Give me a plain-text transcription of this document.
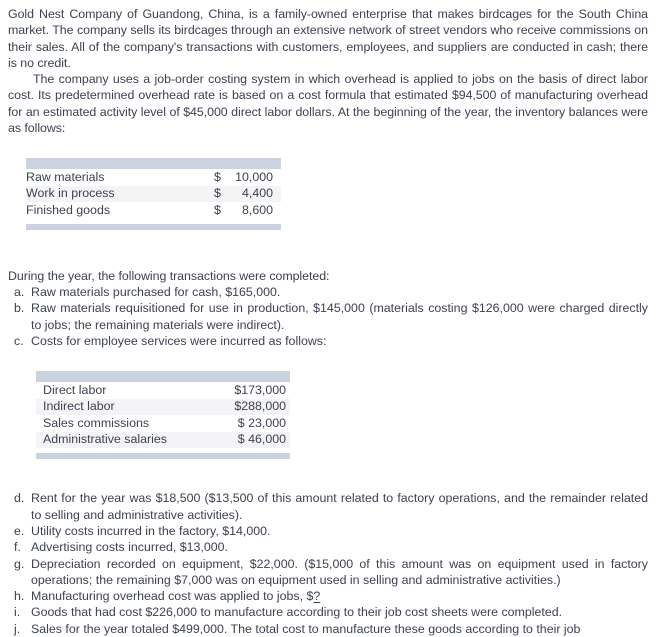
Gold Nest Company of Guandong, China, is a family-owned enterprise that makes birdcages for the South China market. The company sells its birdcages through an extensive network of street vendors who receive commissions on their sales. All of the company's transactions with customers, employees, and suppliers are conducted in cash; there is no credit.

The company uses a job-order costing system in which overhead is applied to jobs on the basis of direct labor cost. Its predetermined overhead rate is based on a cost formula that estimated $94,500 of manufacturing overhead for an estimated activity level of $45,000 direct labor dollars. At the beginning of the year, the inventory balances were as follows:

Raw materials	$ 10,000
Work in process	$ 4,400
Finished goods	$ 8,600

During the year, the following transactions were completed:

a. Raw materials purchased for cash, $165,000.
b. Raw materials requisitioned for use in production, $145,000 (materials costing $126,000 were charged directly to jobs; the remaining materials were indirect).
c. Costs for employee services were incurred as follows:

Direct labor	$173,000
Indirect labor	$288,000
Sales commissions	$ 23,000
Administrative salaries	$ 46,000

d. Rent for the year was $18,500 ($13,500 of this amount related to factory operations, and the remainder related to selling and administrative activities).
e. Utility costs incurred in the factory, $14,000.
f. Advertising costs incurred, $13,000.
g. Depreciation recorded on equipment, $22,000. ($15,000 of this amount was on equipment used in factory operations; the remaining $7,000 was on equipment used in selling and administrative activities.)
h. Manufacturing overhead cost was applied to jobs, $?
i. Goods that had cost $226,000 to manufacture according to their job cost sheets were completed.
j. Sales for the year totaled $499,000. The total cost to manufacture these goods according to their job
